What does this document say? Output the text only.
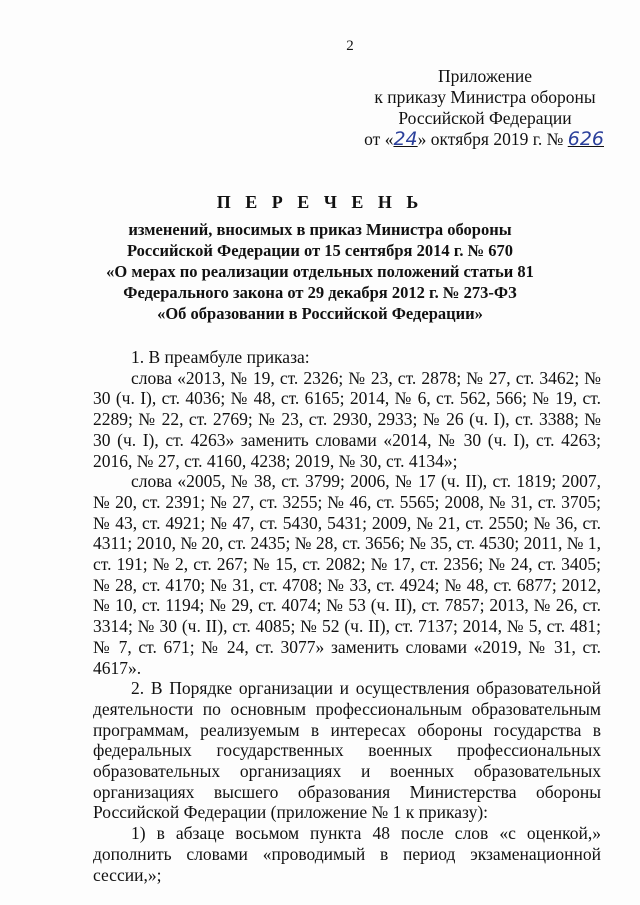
2
Приложение
к приказу Министра обороны
Российской Федерации
от «24» октября 2019 г. № 626
П Е Р Е Ч Е Н Ь
изменений, вносимых в приказ Министра обороны
Российской Федерации от 15 сентября 2014 г. № 670
«О мерах по реализации отдельных положений статьи 81
Федерального закона от 29 декабря 2012 г. № 273-ФЗ
«Об образовании в Российской Федерации»

1. В преамбуле приказа:

слова «2013, № 19, ст. 2326; № 23, ст. 2878; № 27, ст. 3462; № 30 (ч. I), ст. 4036; № 48, ст. 6165; 2014, № 6, ст. 562, 566; № 19, ст. 2289; № 22, ст. 2769; № 23, ст. 2930, 2933; № 26 (ч. I), ст. 3388; № 30 (ч. I), ст. 4263» заменить словами «2014, № 30 (ч. I), ст. 4263; 2016, № 27, ст. 4160, 4238; 2019, № 30, ст. 4134»;

слова «2005, № 38, ст. 3799; 2006, № 17 (ч. II), ст. 1819; 2007, № 20, ст. 2391; № 27, ст. 3255; № 46, ст. 5565; 2008, № 31, ст. 3705; № 43, ст. 4921; № 47, ст. 5430, 5431; 2009, № 21, ст. 2550; № 36, ст. 4311; 2010, № 20, ст. 2435; № 28, ст. 3656; № 35, ст. 4530; 2011, № 1, ст. 191; № 2, ст. 267; № 15, ст. 2082; № 17, ст. 2356; № 24, ст. 3405; № 28, ст. 4170; № 31, ст. 4708; № 33, ст. 4924; № 48, ст. 6877; 2012, № 10, ст. 1194; № 29, ст. 4074; № 53 (ч. II), ст. 7857; 2013, № 26, ст. 3314; № 30 (ч. II), ст. 4085; № 52 (ч. II), ст. 7137; 2014, № 5, ст. 481; № 7, ст. 671; № 24, ст. 3077» заменить словами «2019, № 31, ст. 4617».

2. В Порядке организации и осуществления образовательной деятельности по основным профессиональным образовательным программам, реализуемым в интересах обороны государства в федеральных государственных военных профессиональных образовательных организациях и военных образовательных организациях высшего образования Министерства обороны Российской Федерации (приложение № 1 к приказу):

1) в абзаце восьмом пункта 48 после слов «с оценкой,» дополнить словами «проводимый в период экзаменационной сессии,»;
